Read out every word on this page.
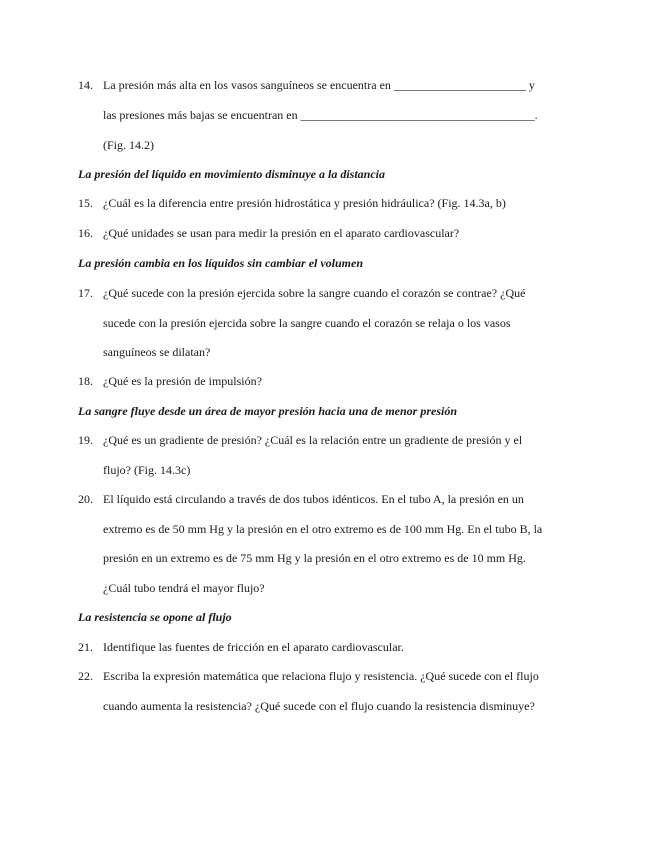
14. La presión más alta en los vasos sanguíneos se encuentra en ______________________ y
las presiones más bajas se encuentran en _______________________________________.
(Fig. 14.2)
La presión del líquido en movimiento disminuye a la distancia
15. ¿Cuál es la diferencia entre presión hidrostática y presión hidráulica? (Fig. 14.3a, b)
16. ¿Qué unidades se usan para medir la presión en el aparato cardiovascular?
La presión cambia en los líquidos sin cambiar el volumen
17. ¿Qué sucede con la presión ejercida sobre la sangre cuando el corazón se contrae? ¿Qué
sucede con la presión ejercida sobre la sangre cuando el corazón se relaja o los vasos
sanguíneos se dilatan?
18. ¿Qué es la presión de impulsión?
La sangre fluye desde un área de mayor presión hacia una de menor presión
19. ¿Qué es un gradiente de presión? ¿Cuál es la relación entre un gradiente de presión y el
flujo? (Fig. 14.3c)
20. El líquido está circulando a través de dos tubos idénticos. En el tubo A, la presión en un
extremo es de 50 mm Hg y la presión en el otro extremo es de 100 mm Hg. En el tubo B, la
presión en un extremo es de 75 mm Hg y la presión en el otro extremo es de 10 mm Hg.
¿Cuál tubo tendrá el mayor flujo?
La resistencia se opone al flujo
21. Identifique las fuentes de fricción en el aparato cardiovascular.
22. Escriba la expresión matemática que relaciona flujo y resistencia. ¿Qué sucede con el flujo
cuando aumenta la resistencia? ¿Qué sucede con el flujo cuando la resistencia disminuye?
